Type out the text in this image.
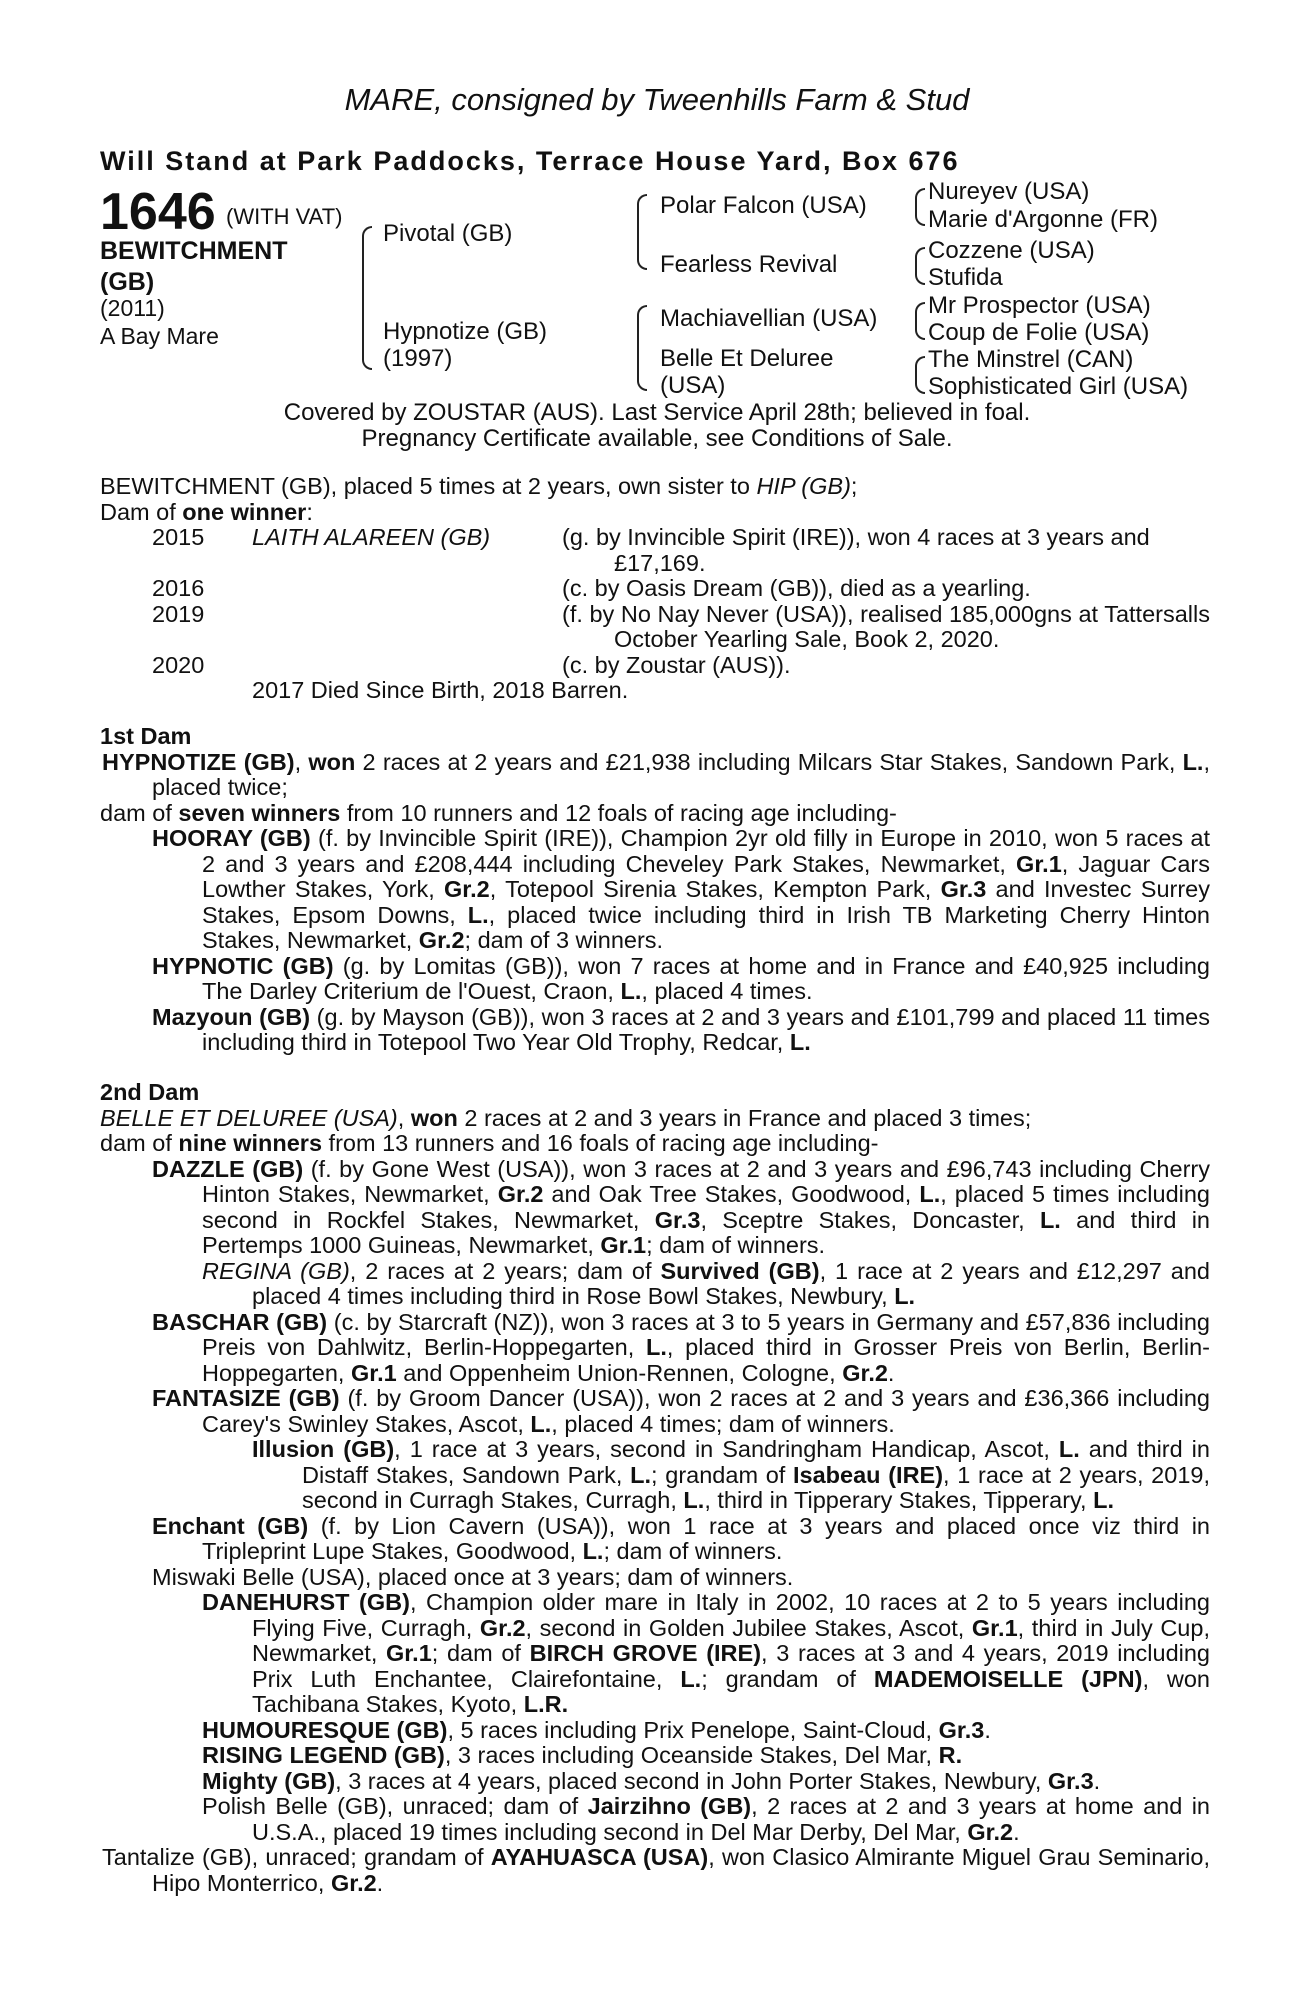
MARE, consigned by Tweenhills Farm & Stud
Will Stand at Park Paddocks, Terrace House Yard, Box 676
1646 (WITH VAT)
BEWITCHMENT
(GB)
(2011)
A Bay Mare
Pivotal (GB)
Hypnotize (GB)
(1997)
Polar Falcon (USA)
Fearless Revival
Machiavellian (USA)
Belle Et Deluree
(USA)
Nureyev (USA)
Marie d'Argonne (FR)
Cozzene (USA)
Stufida
Mr Prospector (USA)
Coup de Folie (USA)
The Minstrel (CAN)
Sophisticated Girl (USA)
Covered by ZOUSTAR (AUS). Last Service April 28th; believed in foal.
Pregnancy Certificate available, see Conditions of Sale.

BEWITCHMENT (GB), placed 5 times at 2 years, own sister to HIP (GB);

Dam of one winner:

2015	LAITH ALAREEN (GB)	(g. by Invincible Spirit (IRE)), won 4 races at 3 years and £17,169.
2016	(c. by Oasis Dream (GB)), died as a yearling.
2019	(f. by No Nay Never (USA)), realised 185,000gns at Tattersalls October Yearling Sale, Book 2, 2020.
2020	(c. by Zoustar (AUS)).

2017 Died Since Birth, 2018 Barren.

1st Dam

HYPNOTIZE (GB), won 2 races at 2 years and £21,938 including Milcars Star Stakes, Sandown Park, L., placed twice;

dam of seven winners from 10 runners and 12 foals of racing age including-

HOORAY (GB) (f. by Invincible Spirit (IRE)), Champion 2yr old filly in Europe in 2010, won 5 races at 2 and 3 years and £208,444 including Cheveley Park Stakes, Newmarket, Gr.1, Jaguar Cars Lowther Stakes, York, Gr.2, Totepool Sirenia Stakes, Kempton Park, Gr.3 and Investec Surrey Stakes, Epsom Downs, L., placed twice including third in Irish TB Marketing Cherry Hinton Stakes, Newmarket, Gr.2; dam of 3 winners.

HYPNOTIC (GB) (g. by Lomitas (GB)), won 7 races at home and in France and £40,925 including The Darley Criterium de l'Ouest, Craon, L., placed 4 times.

Mazyoun (GB) (g. by Mayson (GB)), won 3 races at 2 and 3 years and £101,799 and placed 11 times including third in Totepool Two Year Old Trophy, Redcar, L.

2nd Dam

BELLE ET DELUREE (USA), won 2 races at 2 and 3 years in France and placed 3 times;

dam of nine winners from 13 runners and 16 foals of racing age including-

DAZZLE (GB) (f. by Gone West (USA)), won 3 races at 2 and 3 years and £96,743 including Cherry Hinton Stakes, Newmarket, Gr.2 and Oak Tree Stakes, Goodwood, L., placed 5 times including second in Rockfel Stakes, Newmarket, Gr.3, Sceptre Stakes, Doncaster, L. and third in Pertemps 1000 Guineas, Newmarket, Gr.1; dam of winners.

REGINA (GB), 2 races at 2 years; dam of Survived (GB), 1 race at 2 years and £12,297 and placed 4 times including third in Rose Bowl Stakes, Newbury, L.

BASCHAR (GB) (c. by Starcraft (NZ)), won 3 races at 3 to 5 years in Germany and £57,836 including Preis von Dahlwitz, Berlin-Hoppegarten, L., placed third in Grosser Preis von Berlin, Berlin-Hoppegarten, Gr.1 and Oppenheim Union-Rennen, Cologne, Gr.2.

FANTASIZE (GB) (f. by Groom Dancer (USA)), won 2 races at 2 and 3 years and £36,366 including Carey's Swinley Stakes, Ascot, L., placed 4 times; dam of winners.

Illusion (GB), 1 race at 3 years, second in Sandringham Handicap, Ascot, L. and third in Distaff Stakes, Sandown Park, L.; grandam of Isabeau (IRE), 1 race at 2 years, 2019, second in Curragh Stakes, Curragh, L., third in Tipperary Stakes, Tipperary, L.

Enchant (GB) (f. by Lion Cavern (USA)), won 1 race at 3 years and placed once viz third in Tripleprint Lupe Stakes, Goodwood, L.; dam of winners.

Miswaki Belle (USA), placed once at 3 years; dam of winners.

DANEHURST (GB), Champion older mare in Italy in 2002, 10 races at 2 to 5 years including Flying Five, Curragh, Gr.2, second in Golden Jubilee Stakes, Ascot, Gr.1, third in July Cup, Newmarket, Gr.1; dam of BIRCH GROVE (IRE), 3 races at 3 and 4 years, 2019 including Prix Luth Enchantee, Clairefontaine, L.; grandam of MADEMOISELLE (JPN), won Tachibana Stakes, Kyoto, L.R.

HUMOURESQUE (GB), 5 races including Prix Penelope, Saint-Cloud, Gr.3.

RISING LEGEND (GB), 3 races including Oceanside Stakes, Del Mar, R.

Mighty (GB), 3 races at 4 years, placed second in John Porter Stakes, Newbury, Gr.3.

Polish Belle (GB), unraced; dam of Jairzihno (GB), 2 races at 2 and 3 years at home and in U.S.A., placed 19 times including second in Del Mar Derby, Del Mar, Gr.2.

Tantalize (GB), unraced; grandam of AYAHUASCA (USA), won Clasico Almirante Miguel Grau Seminario, Hipo Monterrico, Gr.2.
